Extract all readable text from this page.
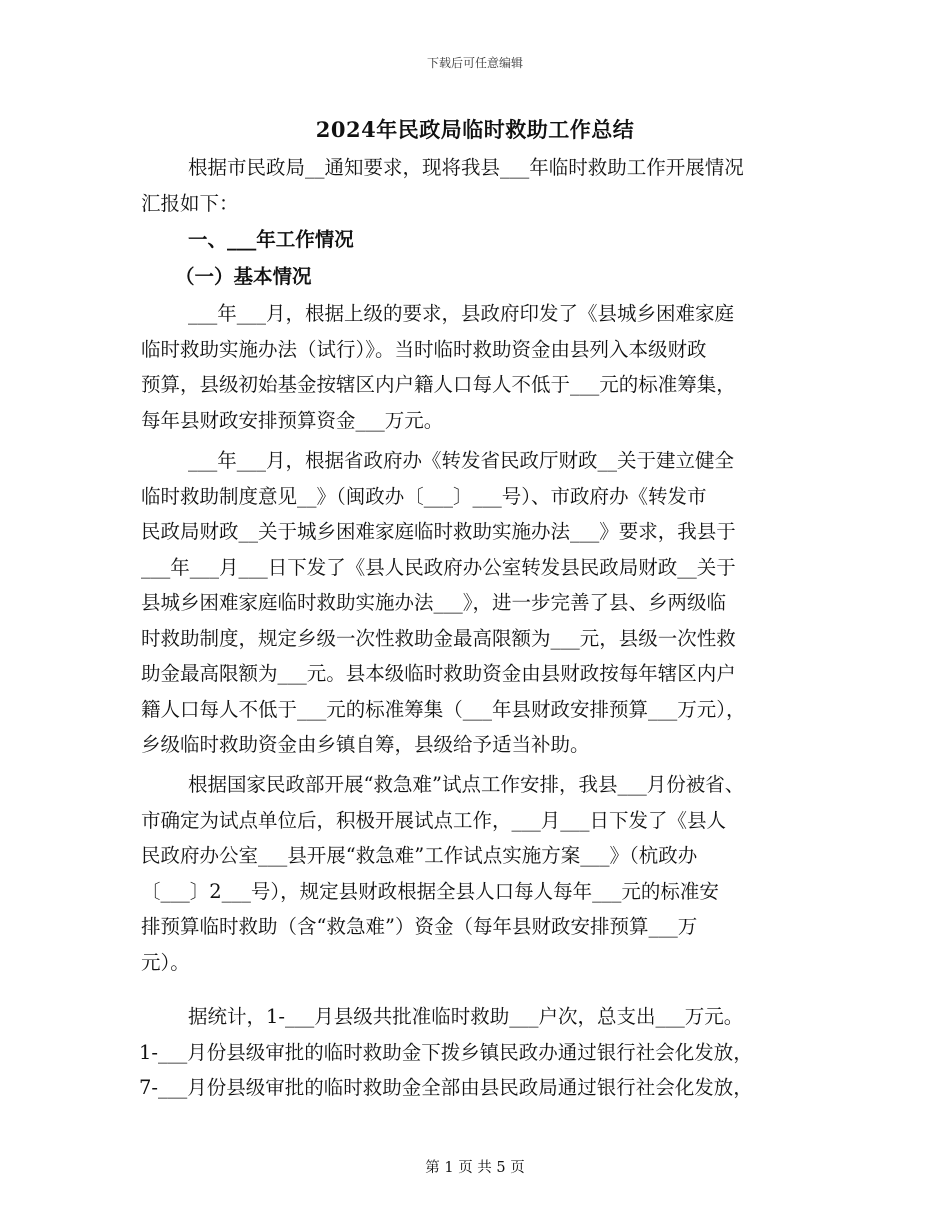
下载后可任意编辑
2024年民政局临时救助工作总结
根据市民政局__通知要求，现将我县___年临时救助工作开展情况
汇报如下：
一、___年工作情况
（一）基本情况
___年___月，根据上级的要求，县政府印发了《县城乡困难家庭
临时救助实施办法（试行）》。当时临时救助资金由县列入本级财政
预算，县级初始基金按辖区内户籍人口每人不低于___元的标准筹集，
每年县财政安排预算资金___万元。
___年___月，根据省政府办《转发省民政厅财政__关于建立健全
临时救助制度意见__》（闽政办〔___〕___号）、市政府办《转发市
民政局财政__关于城乡困难家庭临时救助实施办法___》要求，我县于
___年___月___日下发了《县人民政府办公室转发县民政局财政__关于
县城乡困难家庭临时救助实施办法___》，进一步完善了县、乡两级临
时救助制度，规定乡级一次性救助金最高限额为___元，县级一次性救
助金最高限额为___元。县本级临时救助资金由县财政按每年辖区内户
籍人口每人不低于___元的标准筹集（___年县财政安排预算___万元），
乡级临时救助资金由乡镇自筹，县级给予适当补助。
根据国家民政部开展“救急难”试点工作安排，我县___月份被省、
市确定为试点单位后，积极开展试点工作，___月___日下发了《县人
民政府办公室___县开展“救急难”工作试点实施方案___》（杭政办
〔___〕2___号），规定县财政根据全县人口每人每年___元的标准安
排预算临时救助（含“救急难”）资金（每年县财政安排预算___万
元）。
据统计，1-___月县级共批准临时救助___户次，总支出___万元。
1-___月份县级审批的临时救助金下拨乡镇民政办通过银行社会化发放，
7-___月份县级审批的临时救助金全部由县民政局通过银行社会化发放，
第 1 页 共 5 页
